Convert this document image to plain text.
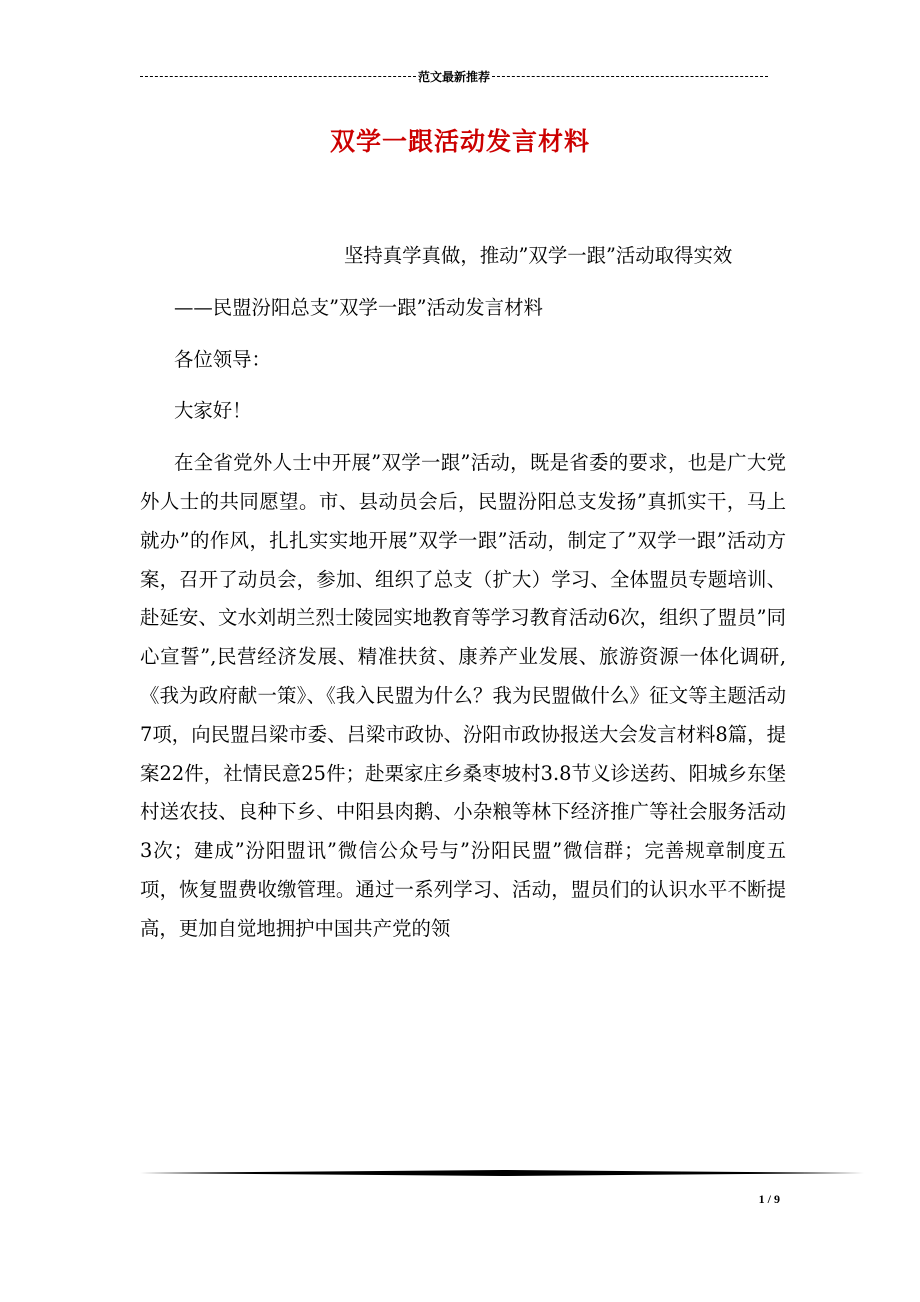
范文最新推荐
双学一跟活动发言材料

坚持真学真做，推动”双学一跟”活动取得实效

——民盟汾阳总支”双学一跟”活动发言材料

各位领导：

大家好！

在全省党外人士中开展”双学一跟”活动，既是省委的要求，也是广大党外人士的共同愿望。市、县动员会后，民盟汾阳总支发扬”真抓实干，马上就办”的作风，扎扎实实地开展”双学一跟”活动，制定了”双学一跟”活动方案，召开了动员会，参加、组织了总支（扩大）学习、全体盟员专题培训、赴延安、文水刘胡兰烈士陵园实地教育等学习教育活动6次，组织了盟员”同心宣誓”,民营经济发展、精准扶贫、康养产业发展、旅游资源一体化调研,《我为政府献一策》、《我入民盟为什么？我为民盟做什么》征文等主题活动7项，向民盟吕梁市委、吕梁市政协、汾阳市政协报送大会发言材料8篇，提案22件，社情民意25件；赴栗家庄乡桑枣坡村3.8节义诊送药、阳城乡东堡村送农技、良种下乡、中阳县肉鹅、小杂粮等林下经济推广等社会服务活动3次；建成”汾阳盟讯”微信公众号与”汾阳民盟”微信群；完善规章制度五项，恢复盟费收缴管理。通过一系列学习、活动，盟员们的认识水平不断提高，更加自觉地拥护中国共产党的领

1 / 9
